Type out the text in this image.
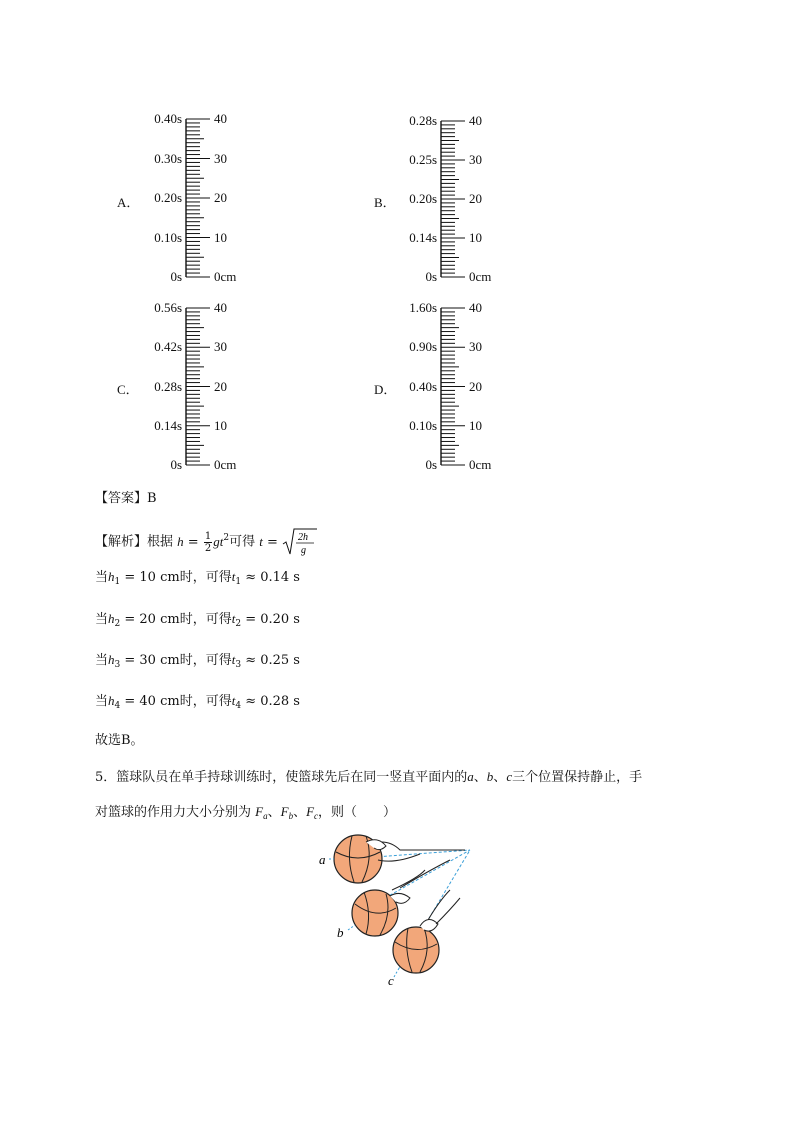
0.40s 40
0.30s 30
0.20s 20
0.10s 10
0s 0cm
A．
0.28s 40
0.25s 30
0.20s 20
0.14s 10
0s 0cm
B．
0.56s 40
0.42s 30
0.28s 20
0.14s 10
0s 0cm
C．
1.60s 40
0.90s 30
0.40s 20
0.10s 10
0s 0cm
D．
【答案】B
【解析】根据 $h = \frac{1}{2} gt^2$可得 t = 2h
g
当$h_1 = 10$ cm时，可得$t_1 \approx 0.14$ s
当$h_2 = 20$ cm时，可得$t_2 = 0.20$ s
当$h_3 = 30$ cm时，可得$t_3 \approx 0.25$ s
当$h_4 = 40$ cm时，可得$t_4 \approx 0.28$ s
故选B。
5．篮球队员在单手持球训练时，使篮球先后在同一竖直平面内的a、b、c三个位置保持静止，手
对篮球的作用力大小分别为 $F_a$、$F_b$、$F_c$，则（　　）
a
b
c
